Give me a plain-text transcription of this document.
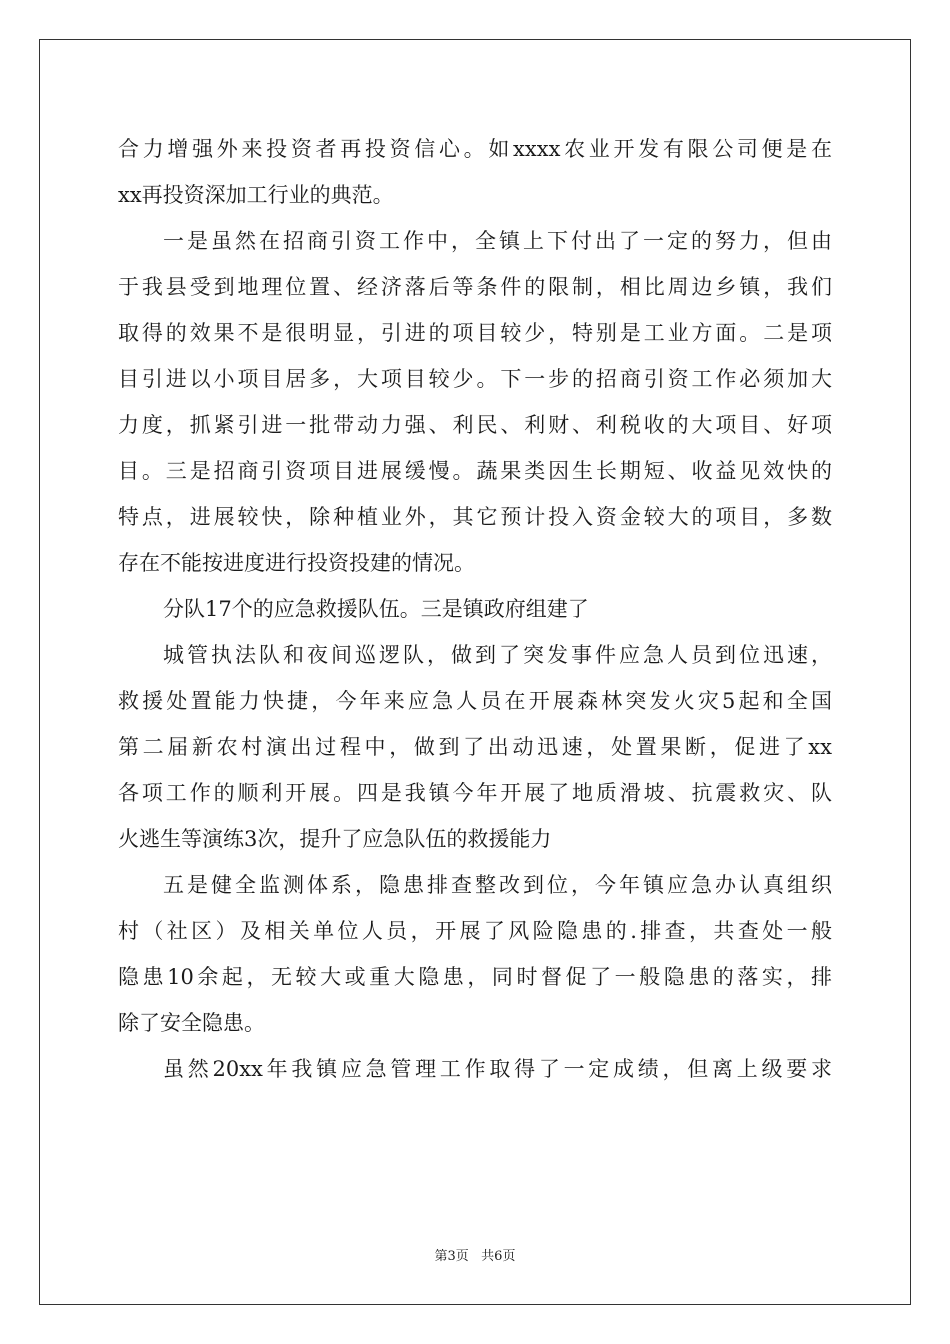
合力增强外来投资者再投资信心。如xxxx农业开发有限公司便是在
xx再投资深加工行业的典范。
一是虽然在招商引资工作中，全镇上下付出了一定的努力，但由
于我县受到地理位置、经济落后等条件的限制，相比周边乡镇，我们
取得的效果不是很明显，引进的项目较少，特别是工业方面。二是项
目引进以小项目居多，大项目较少。下一步的招商引资工作必须加大
力度，抓紧引进一批带动力强、利民、利财、利税收的大项目、好项
目。三是招商引资项目进展缓慢。蔬果类因生长期短、收益见效快的
特点，进展较快，除种植业外，其它预计投入资金较大的项目，多数
存在不能按进度进行投资投建的情况。
分队17个的应急救援队伍。三是镇政府组建了
城管执法队和夜间巡逻队，做到了突发事件应急人员到位迅速，
救援处置能力快捷，今年来应急人员在开展森林突发火灾5起和全国
第二届新农村演出过程中，做到了出动迅速，处置果断，促进了xx
各项工作的顺利开展。四是我镇今年开展了地质滑坡、抗震救灾、队
火逃生等演练3次，提升了应急队伍的救援能力
五是健全监测体系，隐患排查整改到位，今年镇应急办认真组织
村（社区）及相关单位人员，开展了风险隐患的.排查，共查处一般
隐患10余起，无较大或重大隐患，同时督促了一般隐患的落实，排
除了安全隐患。
虽然20xx年我镇应急管理工作取得了一定成绩，但离上级要求
第3页   共6页
